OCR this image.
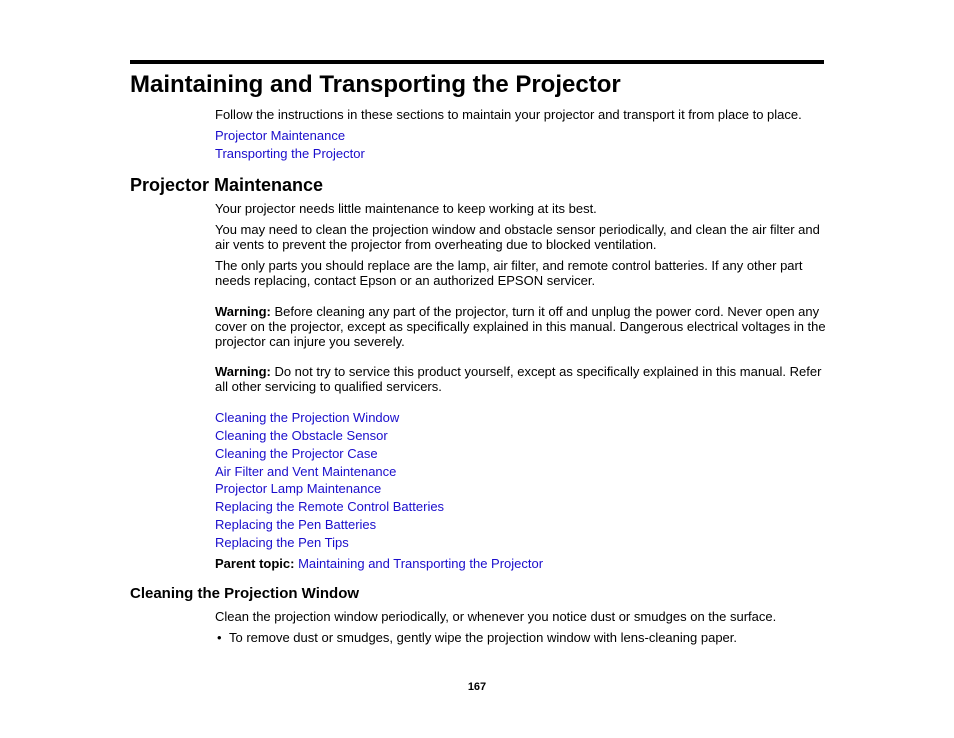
Maintaining and Transporting the Projector

Follow the instructions in these sections to maintain your projector and transport it from place to place.

Projector Maintenance
Transporting the Projector
Projector Maintenance

Your projector needs little maintenance to keep working at its best.

You may need to clean the projection window and obstacle sensor periodically, and clean the air filter and air vents to prevent the projector from overheating due to blocked ventilation.

The only parts you should replace are the lamp, air filter, and remote control batteries. If any other part needs replacing, contact Epson or an authorized EPSON servicer.

Warning: Before cleaning any part of the projector, turn it off and unplug the power cord. Never open any cover on the projector, except as specifically explained in this manual. Dangerous electrical voltages in the projector can injure you severely.

Warning: Do not try to service this product yourself, except as specifically explained in this manual. Refer all other servicing to qualified servicers.

Cleaning the Projection Window
Cleaning the Obstacle Sensor
Cleaning the Projector Case
Air Filter and Vent Maintenance
Projector Lamp Maintenance
Replacing the Remote Control Batteries
Replacing the Pen Batteries
Replacing the Pen Tips

Parent topic: Maintaining and Transporting the Projector

Cleaning the Projection Window

Clean the projection window periodically, or whenever you notice dust or smudges on the surface.

• To remove dust or smudges, gently wipe the projection window with lens-cleaning paper.
167
